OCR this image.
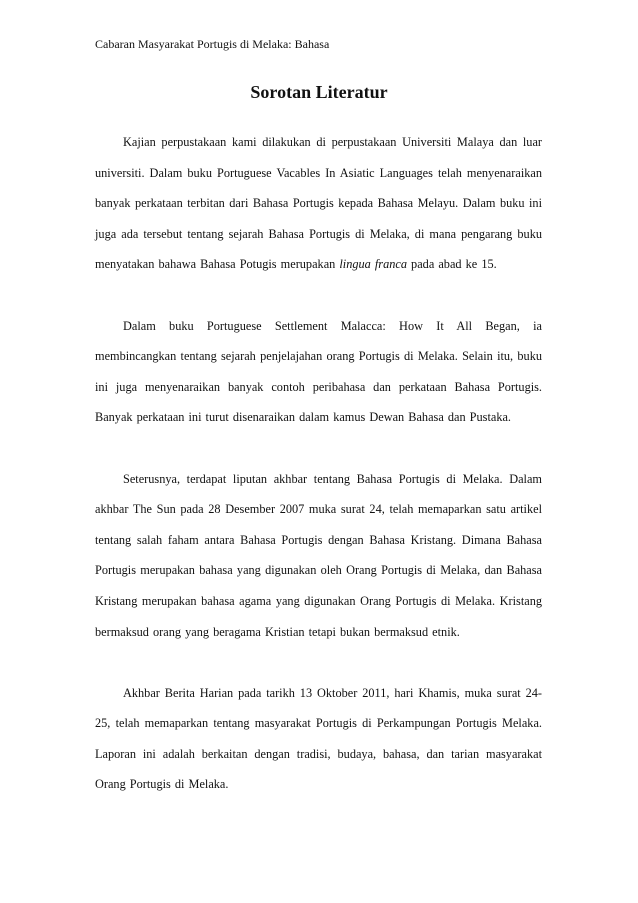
Cabaran Masyarakat Portugis di Melaka: Bahasa
Sorotan Literatur

Kajian perpustakaan kami dilakukan di perpustakaan Universiti Malaya dan luar universiti. Dalam buku Portuguese Vacables In Asiatic Languages telah menyenaraikan banyak perkataan terbitan dari Bahasa Portugis kepada Bahasa Melayu. Dalam buku ini juga ada tersebut tentang sejarah Bahasa Portugis di Melaka, di mana pengarang buku menyatakan bahawa Bahasa Potugis merupakan lingua franca pada abad ke 15.

Dalam buku Portuguese Settlement Malacca: How It All Began, ia membincangkan tentang sejarah penjelajahan orang Portugis di Melaka. Selain itu, buku ini juga menyenaraikan banyak contoh peribahasa dan perkataan Bahasa Portugis. Banyak perkataan ini turut disenaraikan dalam kamus Dewan Bahasa dan Pustaka.

Seterusnya, terdapat liputan akhbar tentang Bahasa Portugis di Melaka. Dalam akhbar The Sun pada 28 Desember 2007 muka surat 24, telah memaparkan satu artikel tentang salah faham antara Bahasa Portugis dengan Bahasa Kristang. Dimana Bahasa Portugis merupakan bahasa yang digunakan oleh Orang Portugis di Melaka, dan Bahasa Kristang merupakan bahasa agama yang digunakan Orang Portugis di Melaka. Kristang bermaksud orang yang beragama Kristian tetapi bukan bermaksud etnik.

Akhbar Berita Harian pada tarikh 13 Oktober 2011, hari Khamis, muka surat 24-25, telah memaparkan tentang masyarakat Portugis di Perkampungan Portugis Melaka. Laporan ini adalah berkaitan dengan tradisi, budaya, bahasa, dan tarian masyarakat Orang Portugis di Melaka.
